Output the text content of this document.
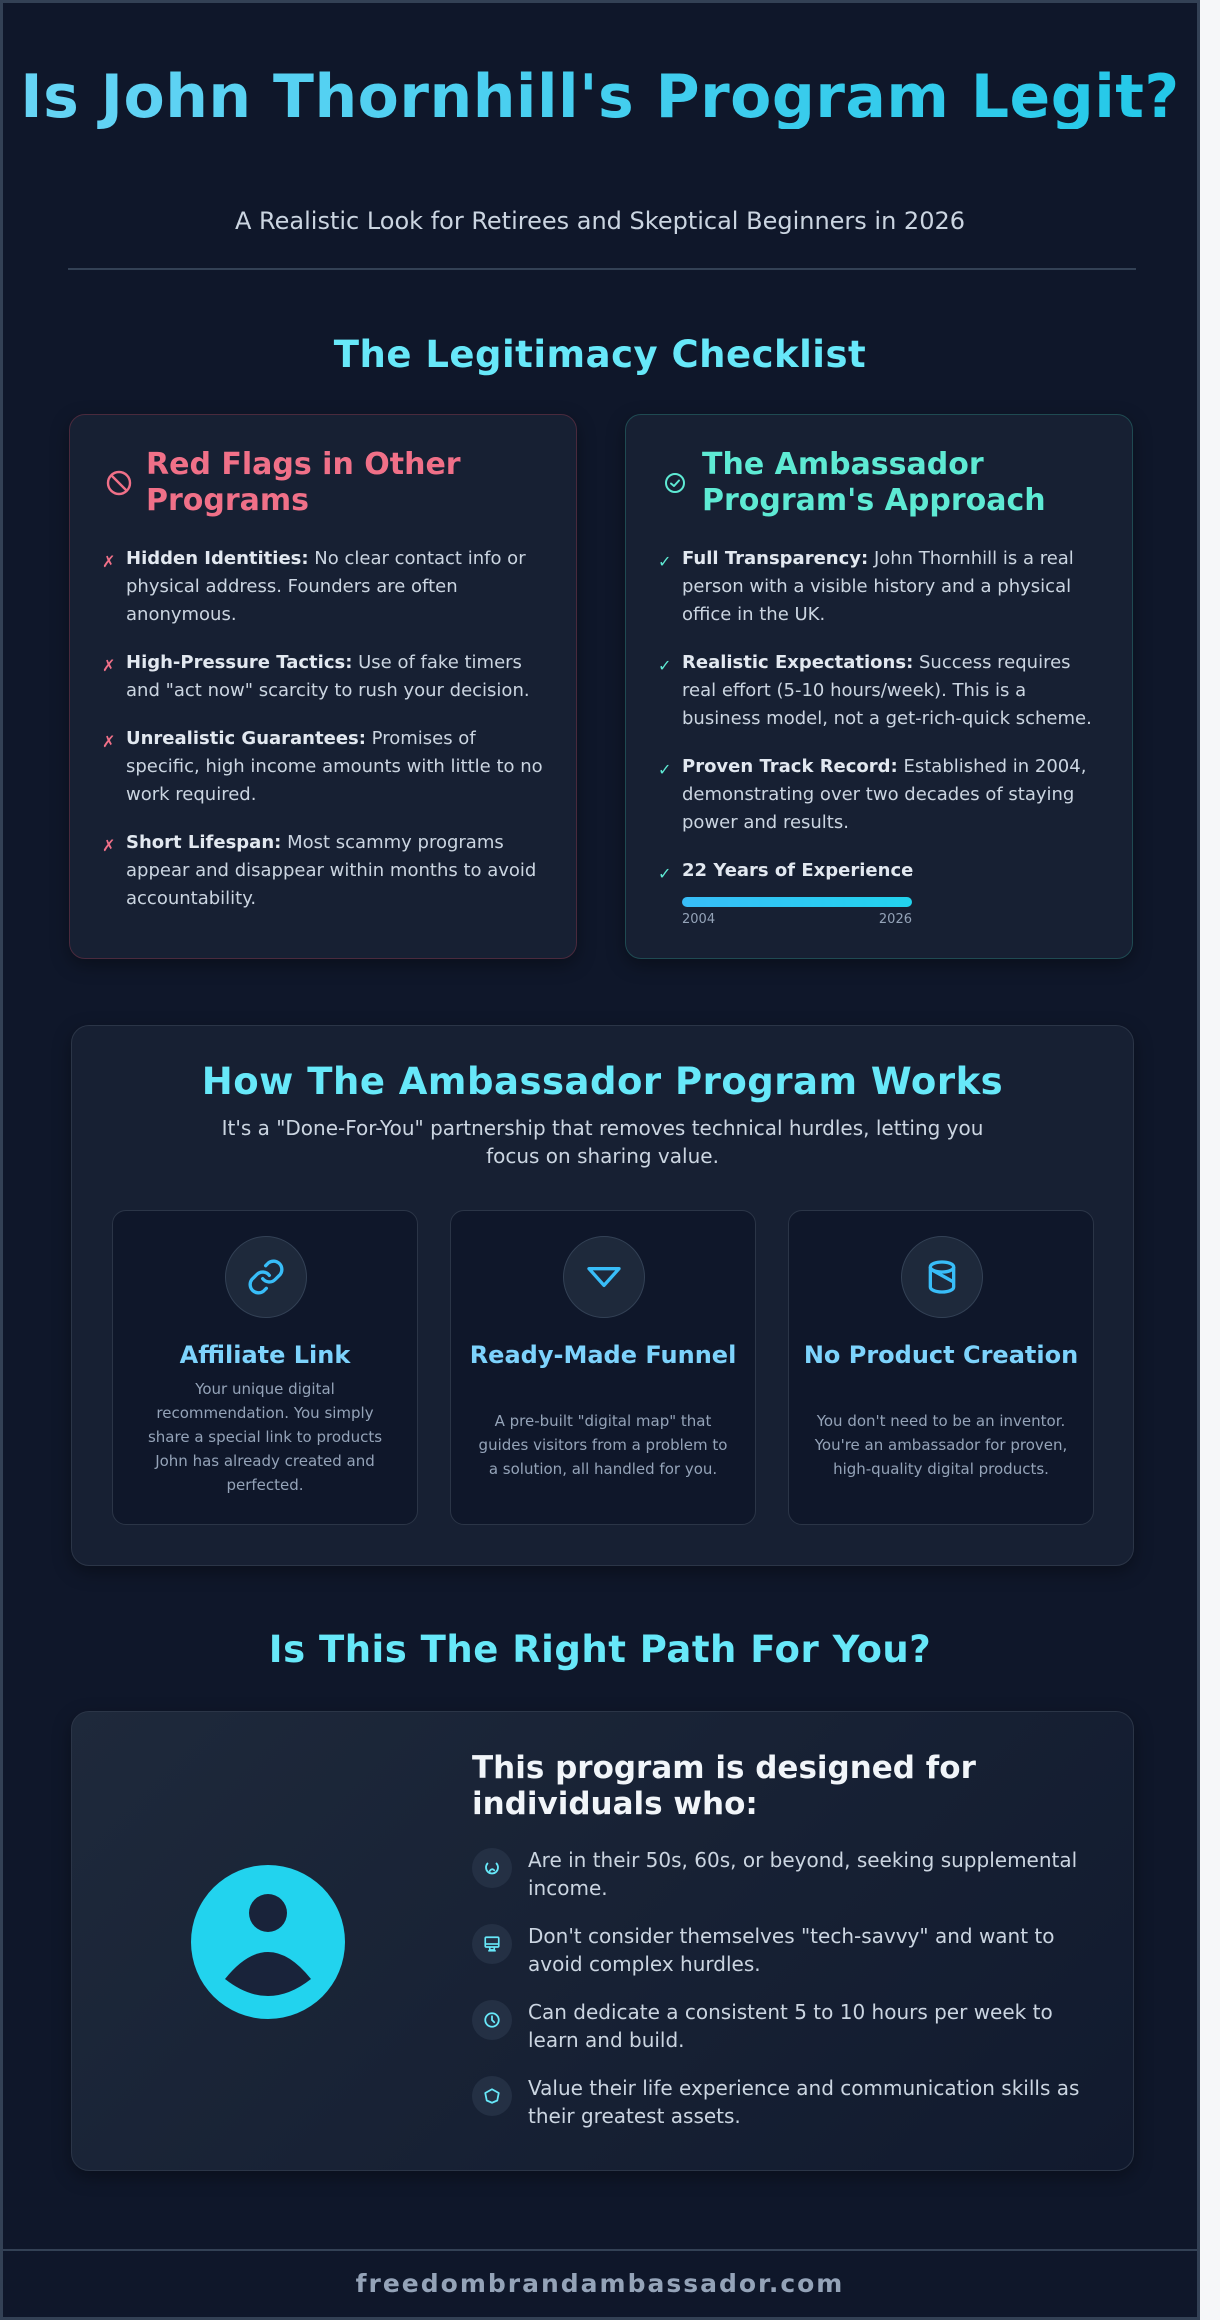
Is John Thornhill's Program Legit?
A Realistic Look for Retirees and Skeptical Beginners in 2026
The Legitimacy Checklist
Red Flags in Other Programs
✗ Hidden Identities: No clear contact info or physical address. Founders are often anonymous.
✗ High-Pressure Tactics: Use of fake timers and "act now" scarcity to rush your decision.
✗ Unrealistic Guarantees: Promises of specific, high income amounts with little to no work required.
✗ Short Lifespan: Most scammy programs appear and disappear within months to avoid accountability.
The Ambassador Program's Approach
✓ Full Transparency: John Thornhill is a real person with a visible history and a physical office in the UK.
✓ Realistic Expectations: Success requires real effort (5-10 hours/week). This is a business model, not a get-rich-quick scheme.
✓ Proven Track Record: Established in 2004, demonstrating over two decades of staying power and results.
✓ 22 Years of Experience
2004	2026
How The Ambassador Program Works

It's a "Done-For-You" partnership that removes technical hurdles, letting you focus on sharing value.

Affiliate Link

Your unique digital recommendation. You simply share a special link to products John has already created and perfected.

Ready-Made Funnel

A pre-built "digital map" that guides visitors from a problem to a solution, all handled for you.

No Product Creation

You don't need to be an inventor. You're an ambassador for proven, high-quality digital products.

Is This The Right Path For You?
This program is designed for individuals who:
Are in their 50s, 60s, or beyond, seeking supplemental income.
Don't consider themselves "tech-savvy" and want to avoid complex hurdles.
Can dedicate a consistent 5 to 10 hours per week to learn and build.
Value their life experience and communication skills as their greatest assets.
freedombrandambassador.com
